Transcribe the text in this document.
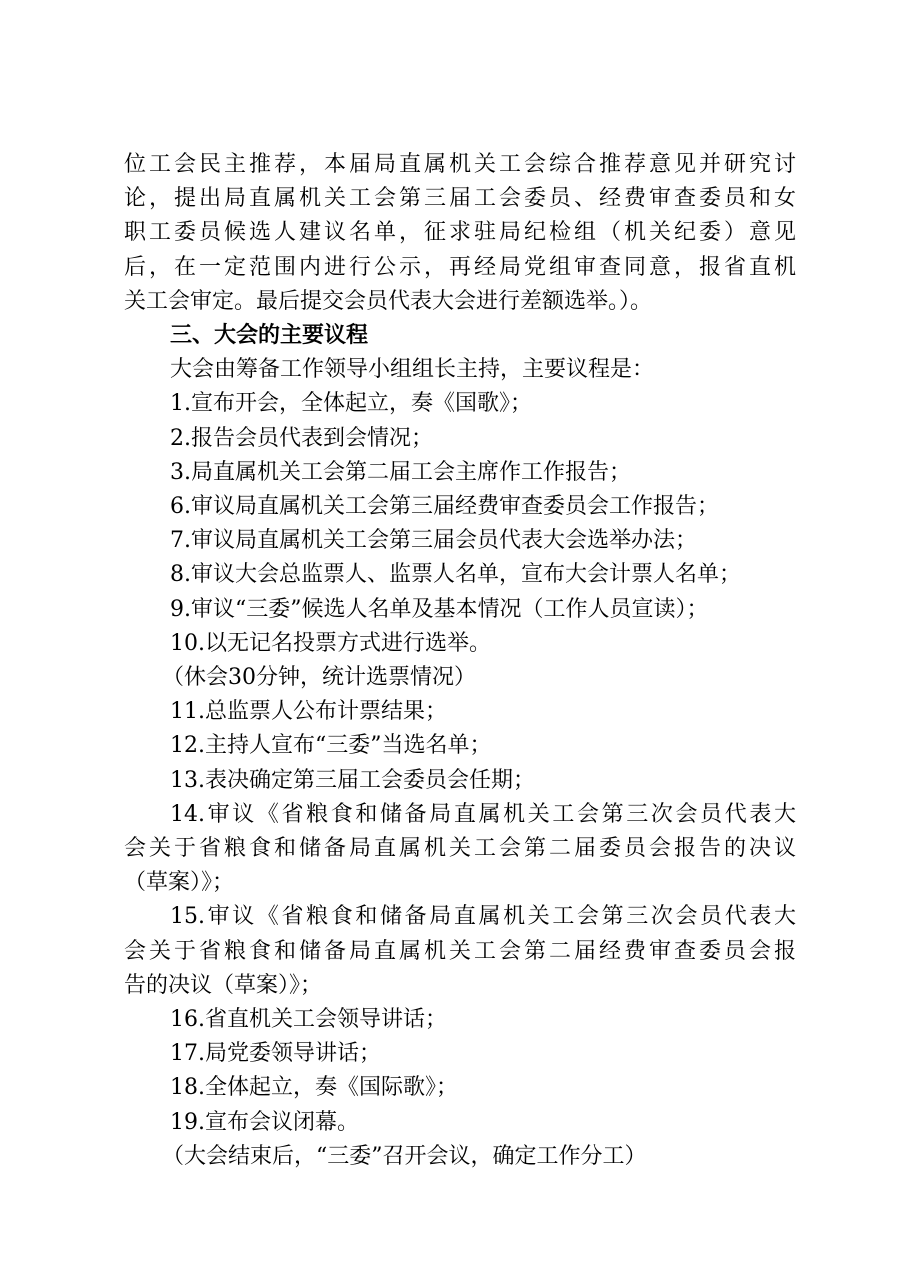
位工会民主推荐，本届局直属机关工会综合推荐意见并研究讨
论，提出局直属机关工会第三届工会委员、经费审查委员和女
职工委员候选人建议名单，征求驻局纪检组（机关纪委）意见
后，在一定范围内进行公示，再经局党组审查同意，报省直机
关工会审定。最后提交会员代表大会进行差额选举。）。

三、大会的主要议程

大会由筹备工作领导小组组长主持，主要议程是：

1.宣布开会，全体起立，奏《国歌》；

2.报告会员代表到会情况；

3.局直属机关工会第二届工会主席作工作报告；

6.审议局直属机关工会第三届经费审查委员会工作报告；

7.审议局直属机关工会第三届会员代表大会选举办法；

8.审议大会总监票人、监票人名单，宣布大会计票人名单；

9.审议“三委”候选人名单及基本情况（工作人员宣读）；

10.以无记名投票方式进行选举。

（休会30分钟，统计选票情况）

11.总监票人公布计票结果；

12.主持人宣布“三委”当选名单；

13.表决确定第三届工会委员会任期；

14.审议《省粮食和储备局直属机关工会第三次会员代表大
会关于省粮食和储备局直属机关工会第二届委员会报告的决议
（草案）》；
15.审议《省粮食和储备局直属机关工会第三次会员代表大
会关于省粮食和储备局直属机关工会第二届经费审查委员会报
告的决议（草案）》；

16.省直机关工会领导讲话；

17.局党委领导讲话；

18.全体起立，奏《国际歌》；

19.宣布会议闭幕。

（大会结束后，“三委”召开会议，确定工作分工）
